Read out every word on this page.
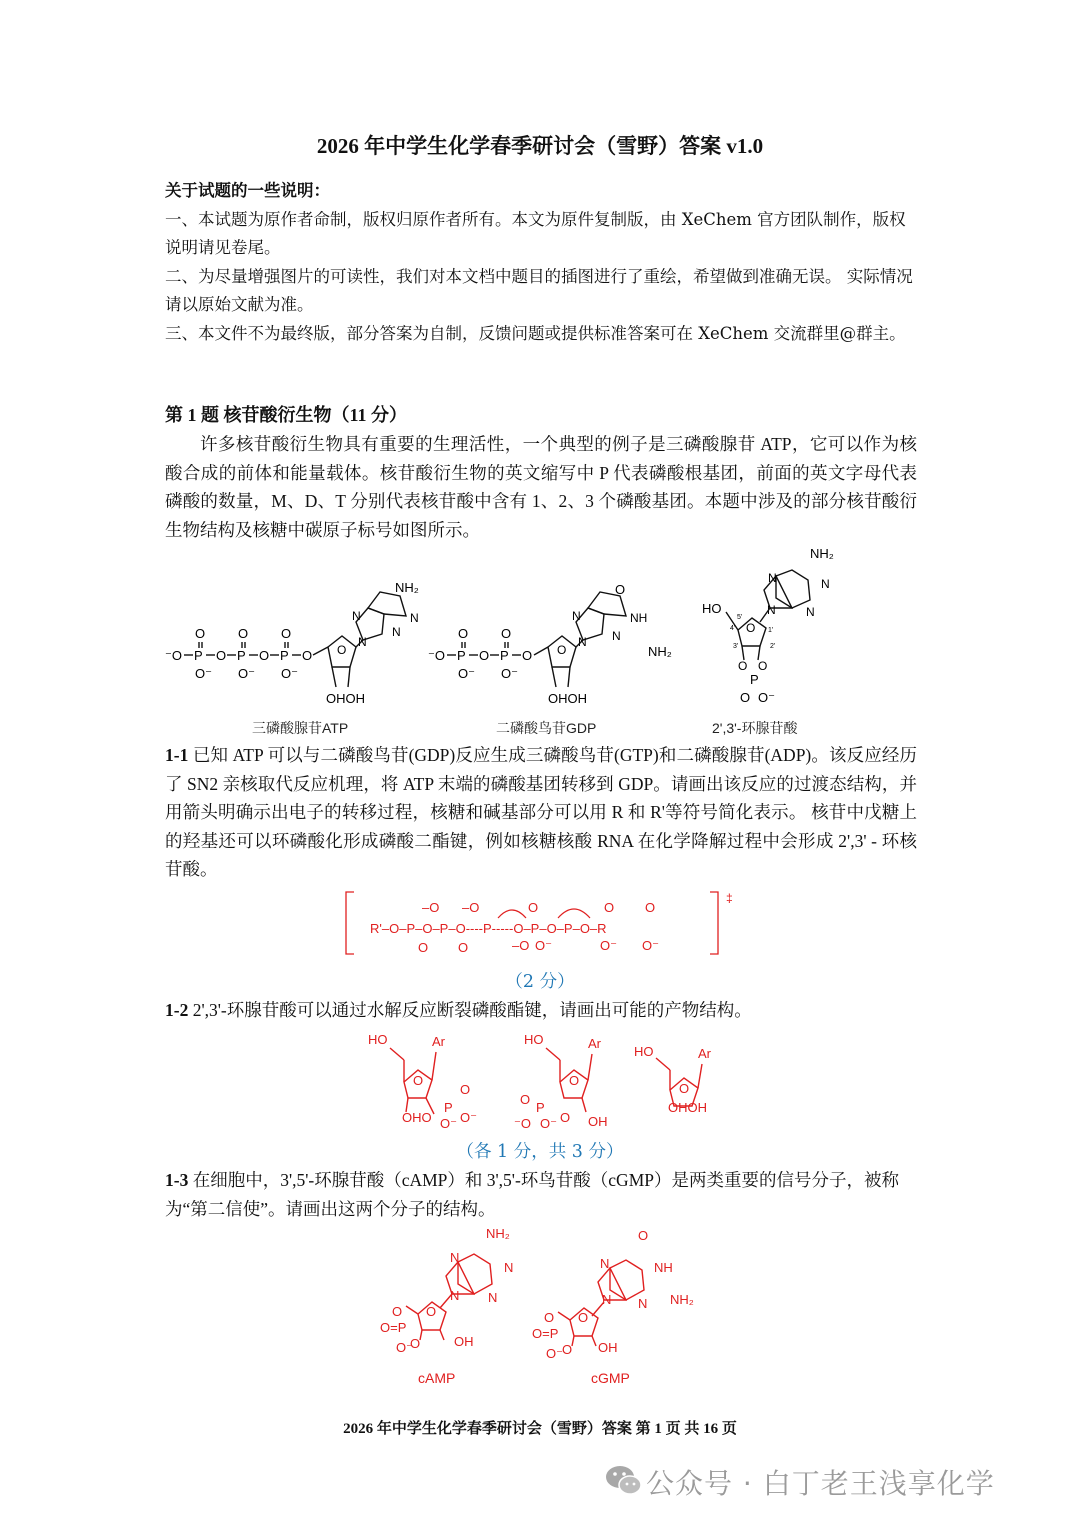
2026 年中学生化学春季研讨会（雪野）答案 v1.0
关于试题的一些说明：
一、本试题为原作者命制，版权归原作者所有。本文为原件复制版，由 XeChem 官方团队制作，版权说明请见卷尾。
二、为尽量增强图片的可读性，我们对本文档中题目的插图进行了重绘，希望做到准确无误。 实际情况请以原始文献为准。
三、本文件不为最终版，部分答案为自制，反馈问题或提供标准答案可在 XeChem 交流群里@群主。
第 1 题 核苷酸衍生物（11 分）
许多核苷酸衍生物具有重要的生理活性，一个典型的例子是三磷酸腺苷 ATP，它可以作为核酸合成的前体和能量载体。核苷酸衍生物的英文缩写中 P 代表磷酸根基团，前面的英文字母代表磷酸的数量，M、D、T 分别代表核苷酸中含有 1、2、3 个磷酸基团。本题中涉及的部分核苷酸衍生物结构及核糖中碳原子标号如图所示。
⁻O P
O
O⁻
O P
O
O⁻
O P
O
O⁻
O O
OHOH
NH₂
N	N
N
N
⁻O P
O
O⁻
O P
O
O⁻
O O
OHOH
O
N	NH
N
NH₂
N
NH₂
N	N
N
N
O
HO
O O
P
O O⁻
5'
4'	1'
2'
3'
三磷酸腺苷ATP	二磷酸鸟苷GDP	2',3'-环腺苷酸
1-1 已知 ATP 可以与二磷酸鸟苷(GDP)反应生成三磷酸鸟苷(GTP)和二磷酸腺苷(ADP)。该反应经历了 SN2 亲核取代反应机理，将 ATP 末端的磷酸基团转移到 GDP。请画出该反应的过渡态结构，并用箭头明确示出电子的转移过程，核糖和碱基部分可以用 R 和 R'等符号简化表示。 核苷中戊糖上的羟基还可以环磷酸化形成磷酸二酯键，例如核糖核酸 RNA 在化学降解过程中会形成 2',3' - 环核苷酸。
‡
R'–O–P–O–P–O----P-----O–P–O–P–O–R
–O –O	O	O O
O O	–O O⁻	O⁻ O⁻
（2 分）
1-2 2',3'-环腺苷酸可以通过水解反应断裂磷酸酯键，请画出可能的产物结构。
HO	Ar
O
OHO
P
O
O⁻ O⁻
HO	Ar
O
OH
O
O
P
⁻O O⁻
HO	Ar
O
OHOH
（各 1 分，共 3 分）
1-3 在细胞中，3',5'-环腺苷酸（cAMP）和 3',5'-环鸟苷酸（cGMP）是两类重要的信号分子，被称为“第二信使”。请画出这两个分子的结构。
NH₂
N
N
N
N
O
O
O	OH
O=P
O⁻
O
N	NH
N NH₂
N
O
O
O OH
O=P
O⁻
cAMP	cGMP
2026 年中学生化学春季研讨会（雪野）答案 第 1 页 共 16 页
公众号 · 白丁老王浅享化学
